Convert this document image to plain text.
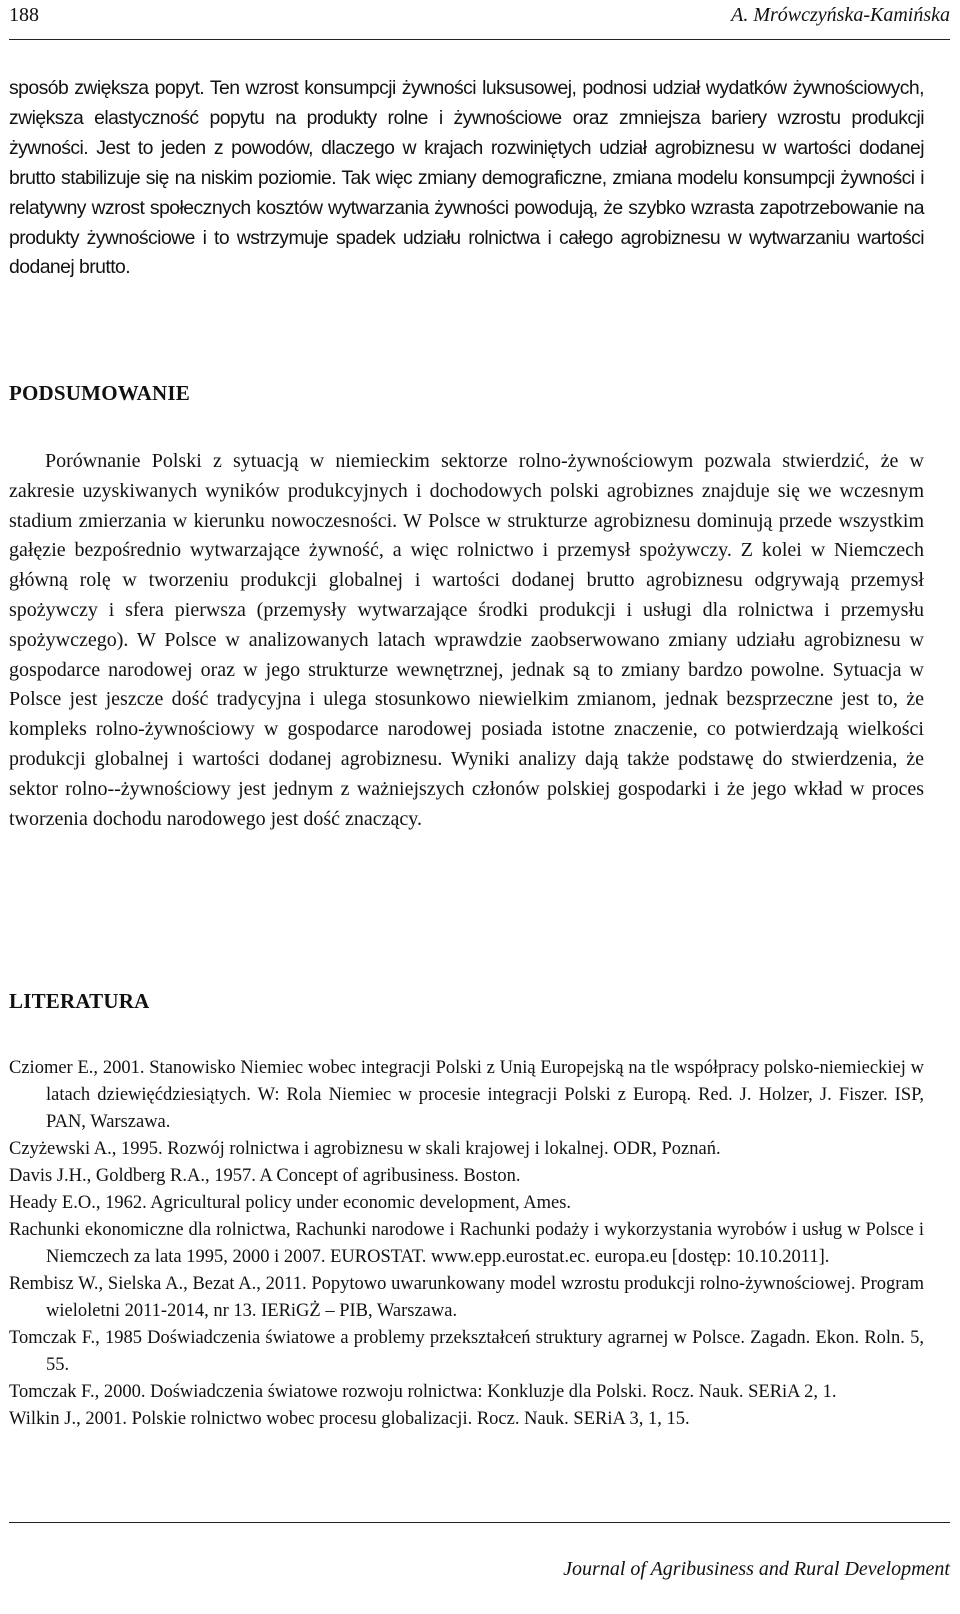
188	A. Mrówczyńska-Kamińska

sposób zwiększa popyt. Ten wzrost konsumpcji żywności luksusowej, podnosi udział wydatków żywnościowych, zwiększa elastyczność popytu na produkty rolne i żywnościowe oraz zmniejsza bariery wzrostu produkcji żywności. Jest to jeden z powodów, dlaczego w krajach rozwiniętych udział agrobiznesu w wartości dodanej brutto stabilizuje się na niskim poziomie. Tak więc zmiany demograficzne, zmiana modelu konsumpcji żywności i relatywny wzrost społecznych kosztów wytwarzania żywności powodują, że szybko wzrasta zapotrzebowanie na produkty żywnościowe i to wstrzymuje spadek udziału rolnictwa i całego agrobiznesu w wytwarzaniu wartości dodanej brutto.

PODSUMOWANIE

Porównanie Polski z sytuacją w niemieckim sektorze rolno-żywnościowym pozwala stwierdzić, że w zakresie uzyskiwanych wyników produkcyjnych i dochodowych polski agrobiznes znajduje się we wczesnym stadium zmierzania w kierunku nowoczesności. W Polsce w strukturze agrobiznesu dominują przede wszystkim gałęzie bezpośrednio wytwarzające żywność, a więc rolnictwo i przemysł spożywczy. Z kolei w Niemczech główną rolę w tworzeniu produkcji globalnej i wartości dodanej brutto agrobiznesu odgrywają przemysł spożywczy i sfera pierwsza (przemysły wytwarzające środki produkcji i usługi dla rolnictwa i przemysłu spożywczego). W Polsce w analizowanych latach wprawdzie zaobserwowano zmiany udziału agrobiznesu w gospodarce narodowej oraz w jego strukturze wewnętrznej, jednak są to zmiany bardzo powolne. Sytuacja w Polsce jest jeszcze dość tradycyjna i ulega stosunkowo niewielkim zmianom, jednak bezsprzeczne jest to, że kompleks rolno-żywnościowy w gospodarce narodowej posiada istotne znaczenie, co potwierdzają wielkości produkcji globalnej i wartości dodanej agrobiznesu. Wyniki analizy dają także podstawę do stwierdzenia, że sektor rolno-⁠-żywnościowy jest jednym z ważniejszych członów polskiej gospodarki i że jego wkład w proces tworzenia dochodu narodowego jest dość znaczący.

LITERATURA
Cziomer E., 2001. Stanowisko Niemiec wobec integracji Polski z Unią Europejską na tle współpracy polsko-niemieckiej w latach dziewięćdziesiątych. W: Rola Niemiec w procesie integracji Polski z Europą. Red. J. Holzer, J. Fiszer. ISP, PAN, Warszawa.
Czyżewski A., 1995. Rozwój rolnictwa i agrobiznesu w skali krajowej i lokalnej. ODR, Poznań.
Davis J.H., Goldberg R.A., 1957. A Concept of agribusiness. Boston.
Heady E.O., 1962. Agricultural policy under economic development, Ames.
Rachunki ekonomiczne dla rolnictwa, Rachunki narodowe i Rachunki podaży i wykorzystania wyrobów i usług w Polsce i Niemczech za lata 1995, 2000 i 2007. EUROSTAT. www.epp.​eurostat.ec. europa.eu [dostęp: 10.10.2011].
Rembisz W., Sielska A., Bezat A., 2011. Popytowo uwarunkowany model wzrostu produkcji rolno-żywnościowej. Program wieloletni 2011-2014, nr 13. IERiGŻ – PIB, Warszawa.
Tomczak F., 1985 Doświadczenia światowe a problemy przekształceń struktury agrarnej w Polsce. Zagadn. Ekon. Roln. 5, 55.
Tomczak F., 2000. Doświadczenia światowe rozwoju rolnictwa: Konkluzje dla Polski. Rocz. Nauk. SERiA 2, 1.
Wilkin J., 2001. Polskie rolnictwo wobec procesu globalizacji. Rocz. Nauk. SERiA 3, 1, 15.
Journal of Agribusiness and Rural Development
